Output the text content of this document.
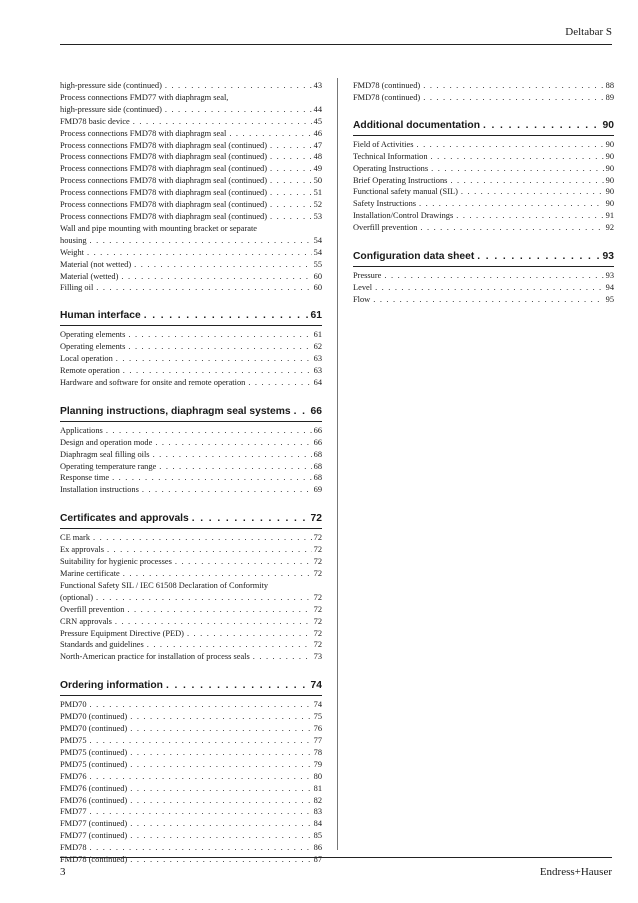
Deltabar S
high-pressure side (continued) . . .	43
Process connections FMD77 with diaphragm seal,
high-pressure side (continued) . . .	44
FMD78 basic device . . .	45
Process connections FMD78 with diaphragm seal . . .	46
Process connections FMD78 with diaphragm seal (continued) . . .	47
Process connections FMD78 with diaphragm seal (continued) . . .	48
Process connections FMD78 with diaphragm seal (continued) . . .	49
Process connections FMD78 with diaphragm seal (continued) . . .	50
Process connections FMD78 with diaphragm seal (continued) . . .	51
Process connections FMD78 with diaphragm seal (continued) . . .	52
Process connections FMD78 with diaphragm seal (continued) . . .	53
Wall and pipe mounting with mounting bracket or separate
housing . . .	54
Weight . . .	54
Material (not wetted) . . .	55
Material (wetted) . . .	60
Filling oil . . .	60
Human interface . . .	61
Operating elements . . .	61
Operating elements . . .	62
Local operation . . .	63
Remote operation . . .	63
Hardware and software for onsite and remote operation . . .	64
Planning instructions, diaphragm seal systems . . . 66
Applications . . .	66
Design and operation mode . . .	66
Diaphragm seal filling oils . . .	68
Operating temperature range . . .	68
Response time . . .	68
Installation instructions . . .	69
Certificates and approvals . . .	72
CE mark . . .	72
Ex approvals . . .	72
Suitability for hygienic processes . . .	72
Marine certificate . . .	72
Functional Safety SIL / IEC 61508 Declaration of Conformity
(optional) . . .	72
Overfill prevention . . .	72
CRN approvals . . .	72
Pressure Equipment Directive (PED) . . .	72
Standards and guidelines . . .	72
North-American practice for installation of process seals . . .	73
Ordering information . . .	74
PMD70 . . .	74
PMD70 (continued) . . .	75
PMD70 (continued) . . .	76
PMD75 . . .	77
PMD75 (continued) . . .	78
PMD75 (continued) . . .	79
FMD76 . . .	80
FMD76 (continued) . . .	81
FMD76 (continued) . . .	82
FMD77 . . .	83
FMD77 (continued) . . .	84
FMD77 (continued) . . .	85
FMD78 . . .	86
FMD78 (continued) . . .	87
FMD78 (continued) . . .	88
FMD78 (continued) . . .	89
Additional documentation . . .	90
Field of Activities . . .	90
Technical Information . . .	90
Operating Instructions . . .	90
Brief Operating Instructions . . .	90
Functional safety manual (SIL) . . .	90
Safety Instructions . . .	90
Installation/Control Drawings . . .	91
Overfill prevention . . .	92
Configuration data sheet . . .	93
Pressure . . .	93
Level . . .	94
Flow . . .	95
3	Endress+Hauser
